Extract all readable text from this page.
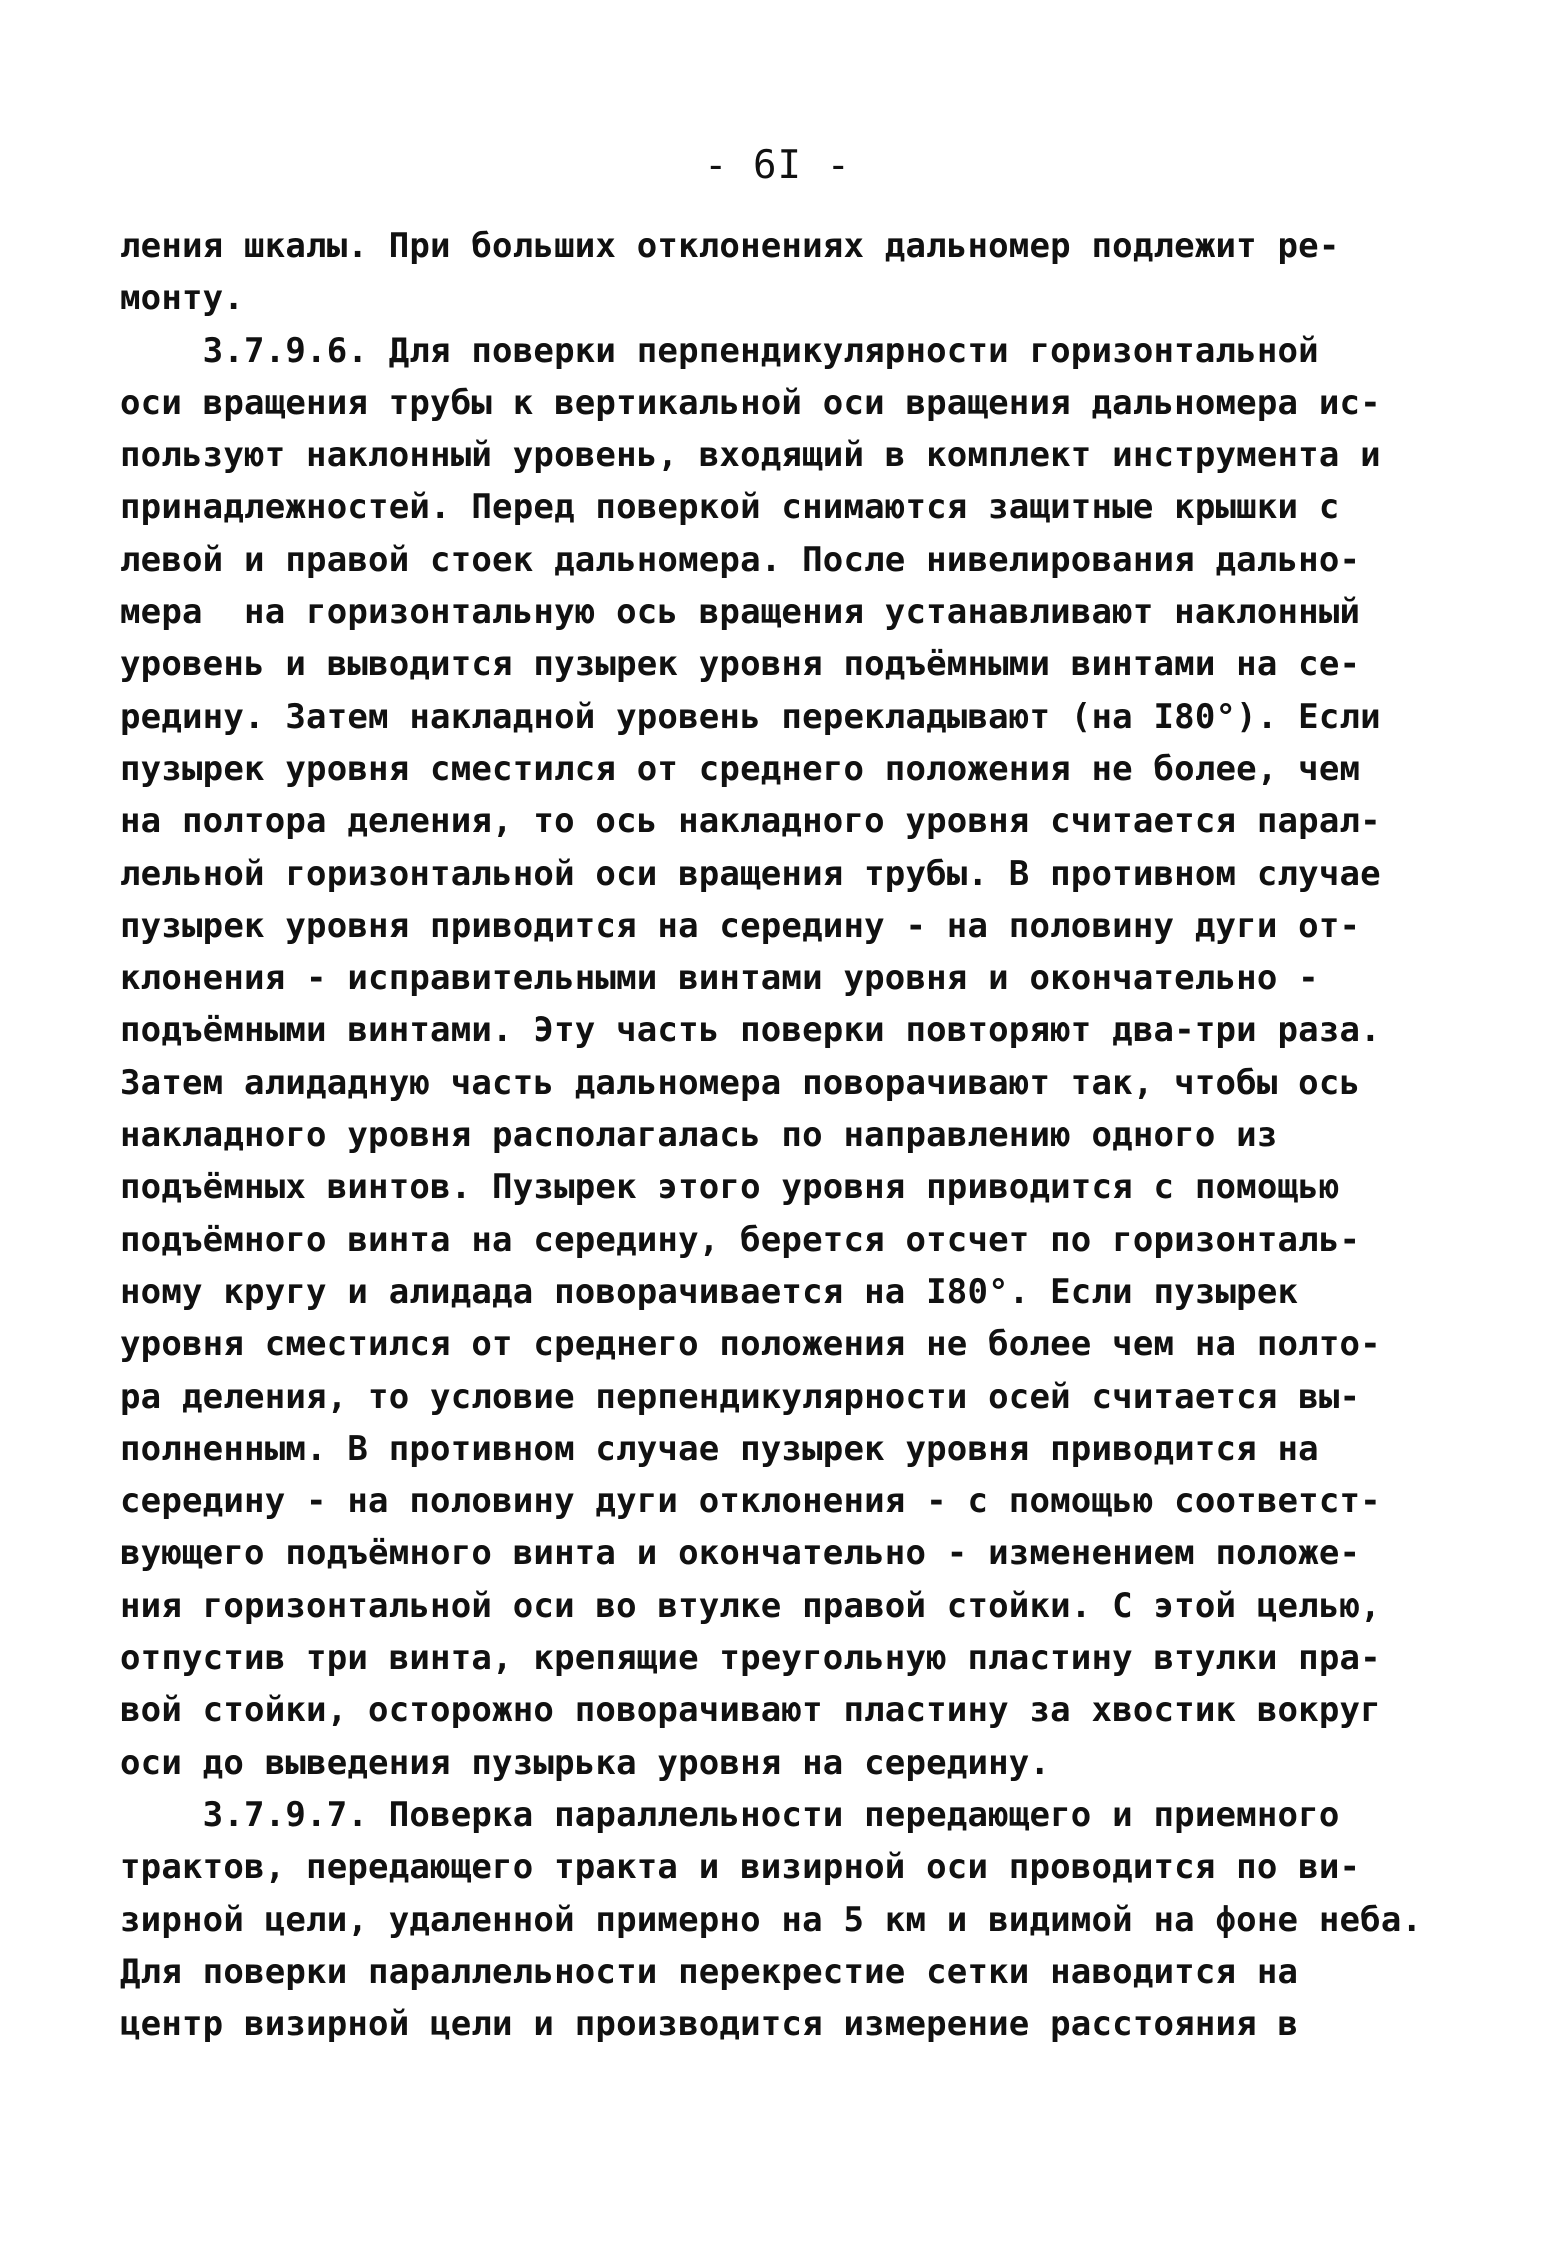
- 6I -
ления шкалы. При больших отклонениях дальномер подлежит ре-
монту.
3.7.9.6. Для поверки перпендикулярности горизонтальной
оси вращения трубы к вертикальной оси вращения дальномера ис-
пользуют наклонный уровень, входящий в комплект инструмента и
принадлежностей. Перед поверкой снимаются защитные крышки с
левой и правой стоек дальномера. После нивелирования дально-
мера  на горизонтальную ось вращения устанавливают наклонный
уровень и выводится пузырек уровня подъёмными винтами на се-
редину. Затем накладной уровень перекладывают (на I80°). Если
пузырек уровня сместился от среднего положения не более, чем
на полтора деления, то ось накладного уровня считается парал-
лельной горизонтальной оси вращения трубы. В противном случае
пузырек уровня приводится на середину - на половину дуги от-
клонения - исправительными винтами уровня и окончательно -
подъёмными винтами. Эту часть поверки повторяют два-три раза.
Затем алидадную часть дальномера поворачивают так, чтобы ось
накладного уровня располагалась по направлению одного из
подъёмных винтов. Пузырек этого уровня приводится с помощью
подъёмного винта на середину, берется отсчет по горизонталь-
ному кругу и алидада поворачивается на I80°. Если пузырек
уровня сместился от среднего положения не более чем на полто-
ра деления, то условие перпендикулярности осей считается вы-
полненным. В противном случае пузырек уровня приводится на
середину - на половину дуги отклонения - с помощью соответст-
вующего подъёмного винта и окончательно - изменением положе-
ния горизонтальной оси во втулке правой стойки. С этой целью,
отпустив три винта, крепящие треугольную пластину втулки пра-
вой стойки, осторожно поворачивают пластину за хвостик вокруг
оси до выведения пузырька уровня на середину.
3.7.9.7. Поверка параллельности передающего и приемного
трактов, передающего тракта и визирной оси проводится по ви-
зирной цели, удаленной примерно на 5 км и видимой на фоне неба.
Для поверки параллельности перекрестие сетки наводится на
центр визирной цели и производится измерение расстояния в
